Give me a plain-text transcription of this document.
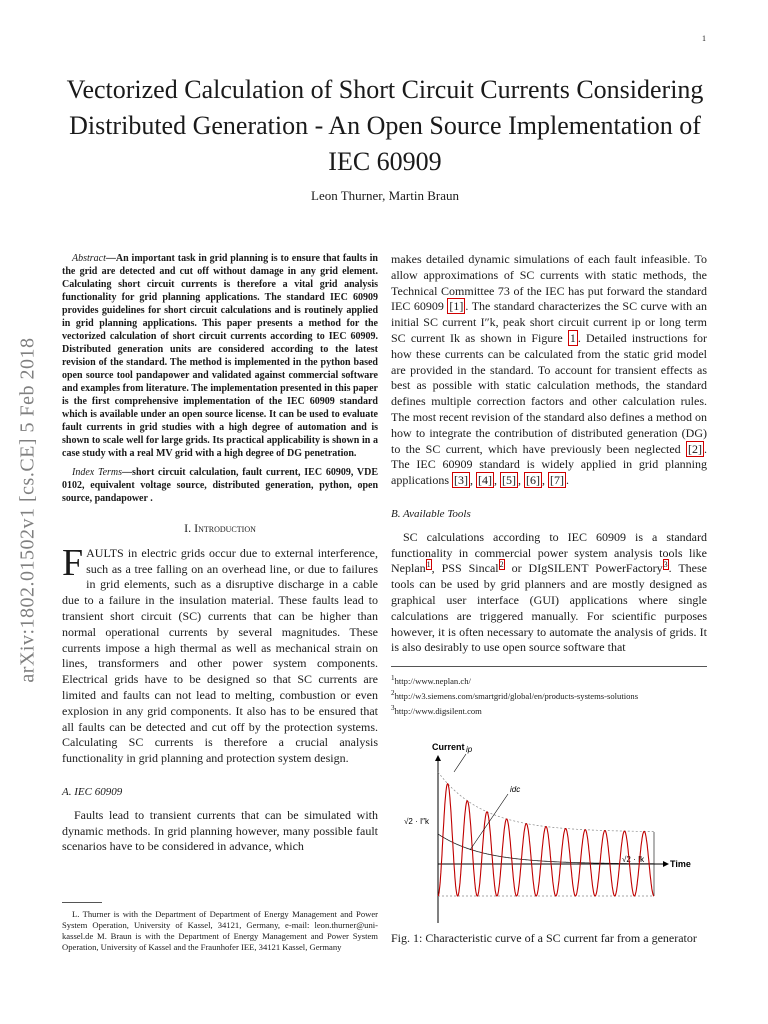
1
arXiv:1802.01502v1 [cs.CE] 5 Feb 2018
Vectorized Calculation of Short Circuit Currents Considering Distributed Generation - An Open Source Implementation of IEC 60909
Leon Thurner, Martin Braun

Abstract—An important task in grid planning is to ensure that faults in the grid are detected and cut off without damage in any grid element. Calculating short circuit currents is therefore a vital grid analysis functionality for grid planning applications. The standard IEC 60909 provides guidelines for short circuit calculations and is routinely applied in grid planning applications. This paper presents a method for the vectorized calculation of short circuit currents according to IEC 60909. Distributed generation units are considered according to the latest revision of the standard. The method is implemented in the python based open source tool pandapower and validated against commercial software and examples from literature. The implementation presented in this paper is the first comprehensive implementation of the IEC 60909 standard which is available under an open source license. It can be used to evaluate fault currents in grid studies with a high degree of automation and is shown to scale well for large grids. Its practical applicability is shown in a case study with a real MV grid with a high degree of DG penetration.

Index Terms—short circuit calculation, fault current, IEC 60909, VDE 0102, equivalent voltage source, distributed generation, python, open source, pandapower .

I. Introduction

FAULTS in electric grids occur due to external interference, such as a tree falling on an overhead line, or due to failures in grid elements, such as a disruptive discharge in a cable due to a failure in the insulation material. These faults lead to transient short circuit (SC) currents that can be higher than normal operational currents by several magnitudes. These currents impose a high thermal as well as mechanical strain on lines, transformers and other power system components. Electrical grids have to be designed so that SC currents are limited and faults can not lead to melting, combustion or even explosion in any grid components. It also has to be ensured that all faults can be detected and cut off by the protection systems. Calculating SC currents is therefore a crucial analysis functionality in grid planning and protection system design.

A. IEC 60909

Faults lead to transient currents that can be simulated with dynamic methods. In grid planning however, many possible fault scenarios have to be considered in advance, which

L. Thurner is with the Department of Department of Energy Management and Power System Operation, University of Kassel, 34121, Germany, e-mail: leon.thurner@uni-kassel.de M. Braun is with the Department of Energy Management and Power System Operation, University of Kassel and the Fraunhofer IEE, 34121 Kassel, Germany

makes detailed dynamic simulations of each fault infeasible. To allow approximations of SC currents with static methods, the Technical Committee 73 of the IEC has put forward the standard IEC 60909 [1] . The standard characterizes the SC curve with an initial SC current I″k, peak short circuit current ip or long term SC current Ik as shown in Figure 1 . Detailed instructions for how these currents can be calculated from the static grid model are provided in the standard. To account for transient effects as best as possible with static calculation methods, the standard defines multiple correction factors and other calculation rules. The most recent revision of the standard also defines a method on how to integrate the contribution of distributed generation (DG) to the SC current, which have previously been neglected [2] . The IEC 60909 standard is widely applied in grid planning applications [3] , [4] , [5] , [6] , [7] .

B. Available Tools

SC calculations according to IEC 60909 is a standard functionality in commercial power system analysis tools like Neplan$^1$, PSS Sincal$^2$ or DIgSILENT PowerFactory$^3$. These tools can be used by grid planners and are mostly designed as graphical user interface (GUI) applications where single calculations are triggered manually. For scientific purposes however, it is often necessary to automate the analysis of grids. It is also desirably to use open source software that

$^1$http://www.neplan.ch/
$^2$http://w3.siemens.com/smartgrid/global/en/products-systems-solutions
$^3$http://www.digsilent.com
Current
Time
√2 · I″k
√2 · Ik
ip
idc
Fig. 1: Characteristic curve of a SC current far from a generator
